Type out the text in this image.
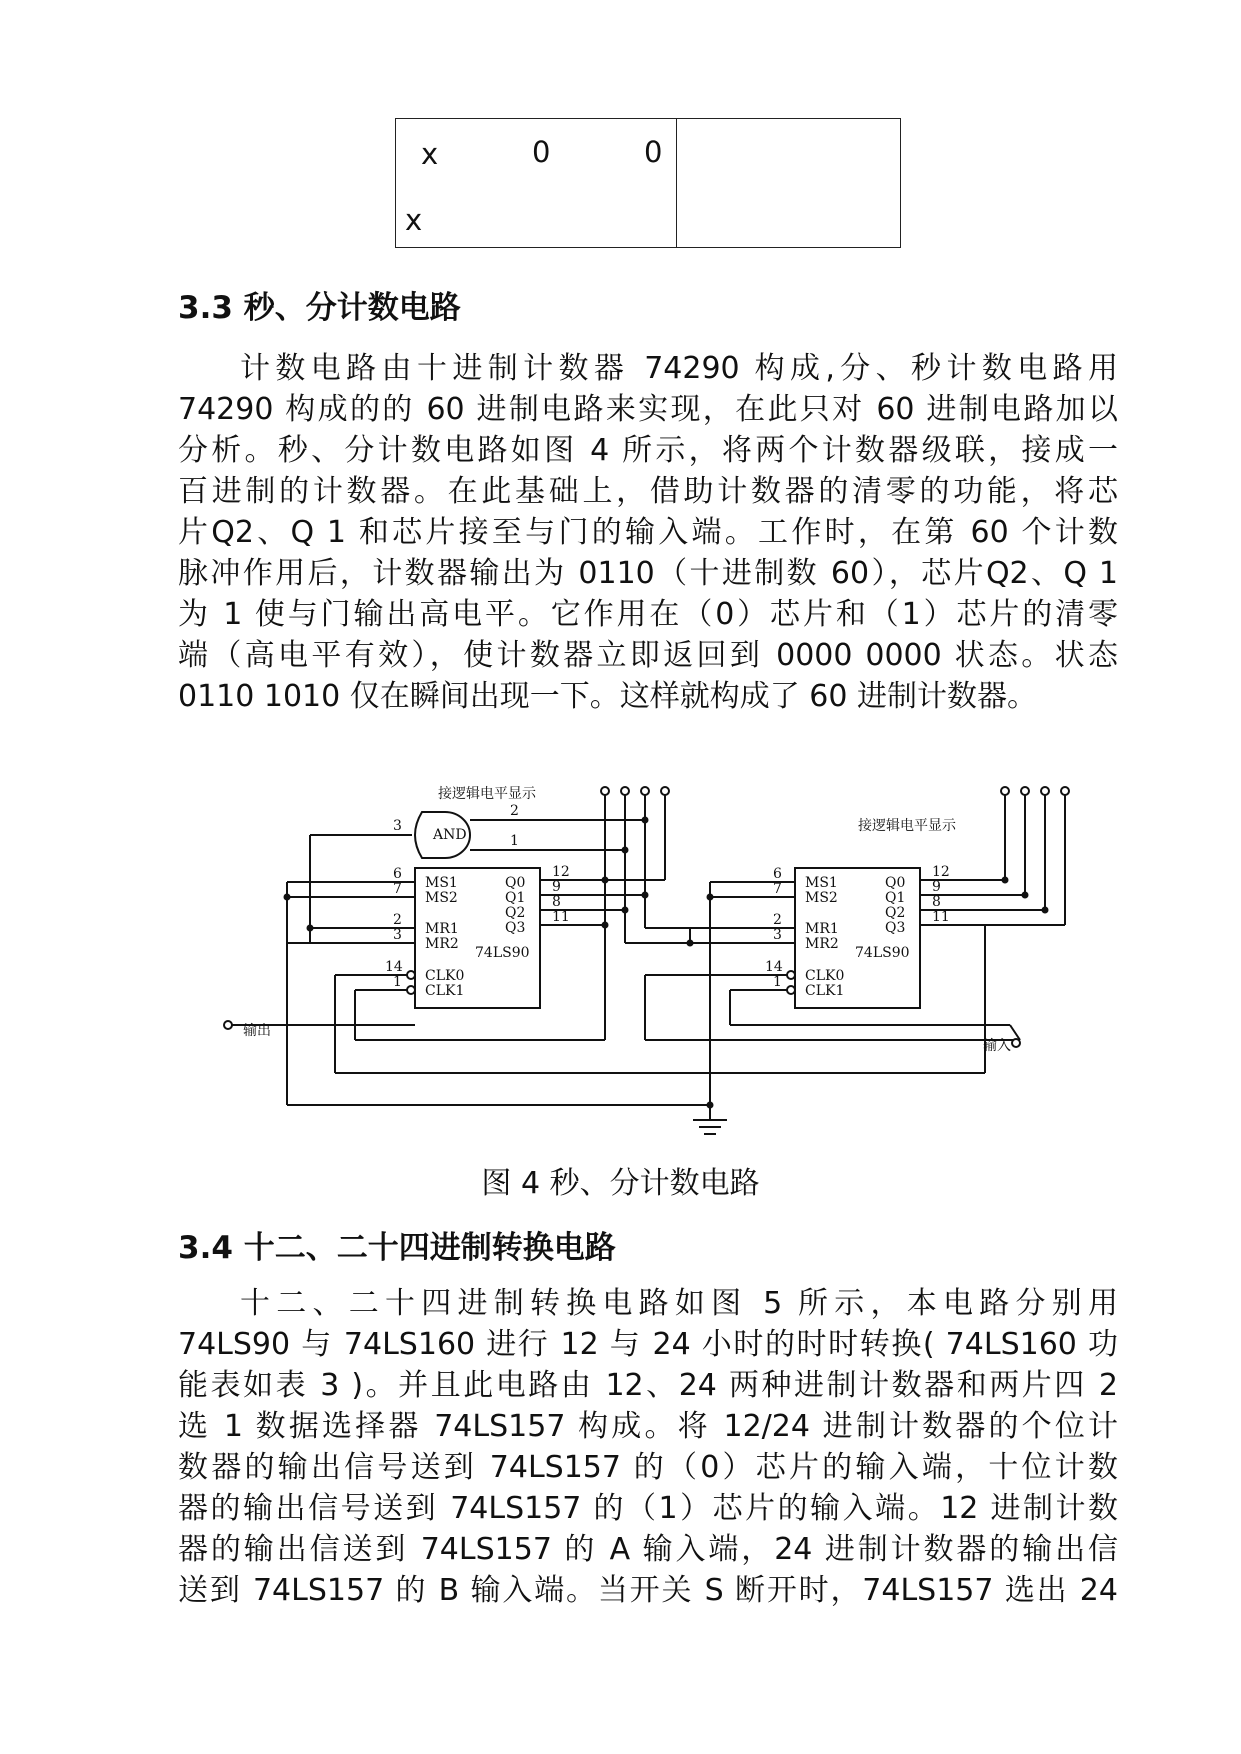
x	0	0
x
3.3 秒、分计数电路
计数电路由十进制计数器 74290 构成,分、秒计数电路用
74290 构成的的 60 进制电路来实现，在此只对 60 进制电路加以
分析。秒、分计数电路如图 4 所示，将两个计数器级联，接成一
百进制的计数器。在此基础上，借助计数器的清零的功能，将芯
片Q2、Q 1 和芯片接至与门的输入端。工作时，在第 60 个计数
脉冲作用后，计数器输出为 0110（十进制数 60），芯片Q2、Q 1
为 1 使与门输出高电平。它作用在（0）芯片和（1）芯片的清零
端（高电平有效），使计数器立即返回到 0000 0000 状态。状态
0110 1010 仅在瞬间出现一下。这样就构成了 60 进制计数器。
接逻辑电平显示
接逻辑电平显示
AND
3
2
1
MS1
MS2
MR1
MR2
CLK0
CLK1
Q0
Q1
Q2
Q3
74LS90
6
7
2
3
14
1
12
9
8
11
MS1
MS2
MR1
MR2
CLK0
CLK1
Q0
Q1
Q2
Q3
74LS90
6
7
2
3
14
1
12
9
8
11
输出
输入
图 4 秒、分计数电路
3.4 十二、二十四进制转换电路
十二、二十四进制转换电路如图 5 所示，本电路分别用
74LS90 与 74LS160 进行 12 与 24 小时的时时转换( 74LS160 功
能表如表 3 )。并且此电路由 12、24 两种进制计数器和两片四 2
选 1 数据选择器 74LS157 构成。将 12/24 进制计数器的个位计
数器的输出信号送到 74LS157 的（0）芯片的输入端，十位计数
器的输出信号送到 74LS157 的（1）芯片的输入端。12 进制计数
器的输出信送到 74LS157 的 A 输入端，24 进制计数器的输出信
送到 74LS157 的 B 输入端。当开关 S 断开时，74LS157 选出 24
